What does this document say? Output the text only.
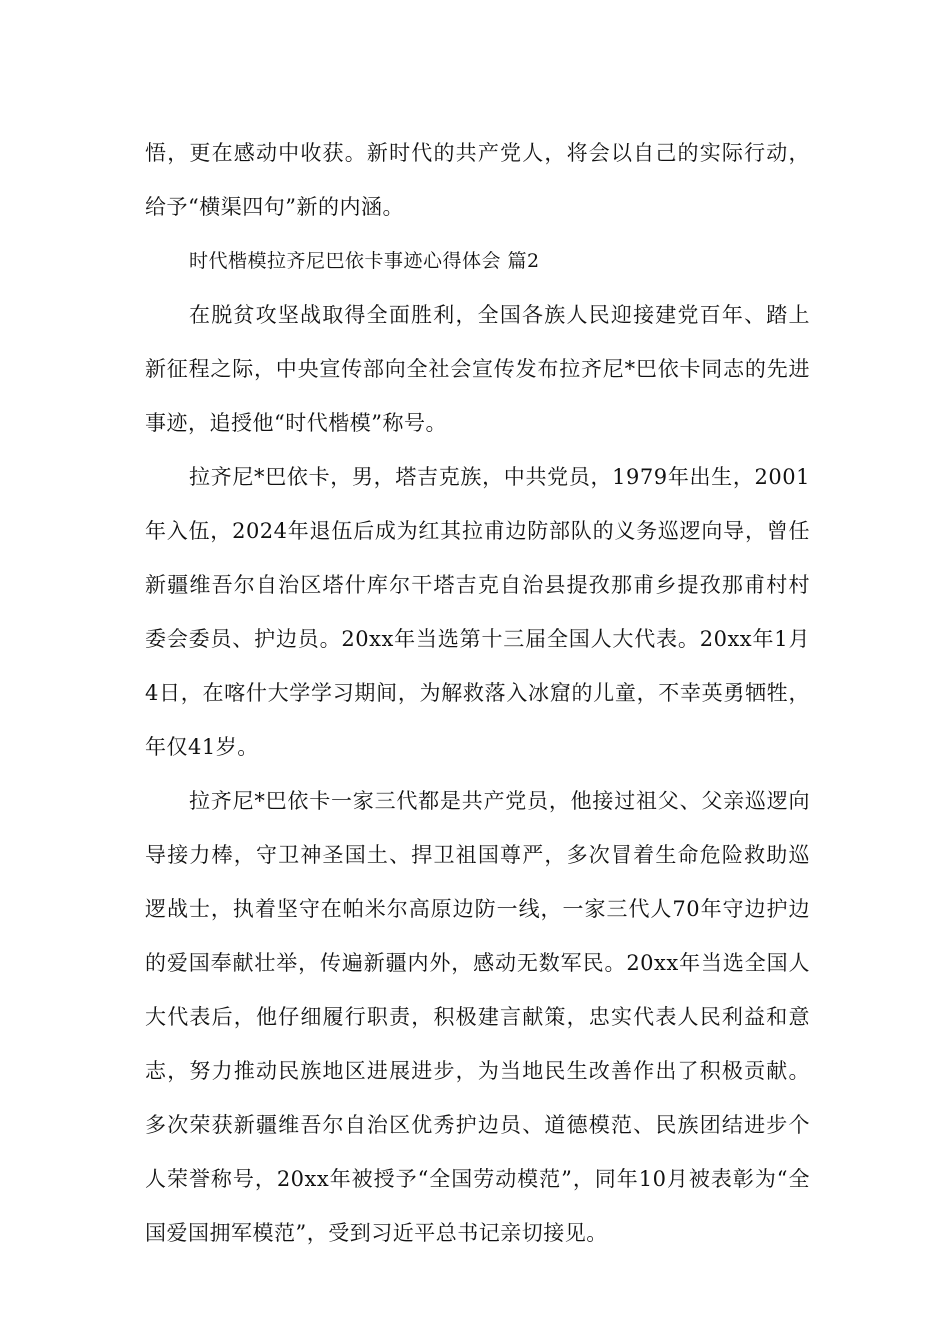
悟，更在感动中收获。新时代的共产党人，将会以自己的实际行动，给予“横渠四句”新的内涵。

时代楷模拉齐尼巴依卡事迹心得体会 篇2

在脱贫攻坚战取得全面胜利，全国各族人民迎接建党百年、踏上新征程之际，中央宣传部向全社会宣传发布拉齐尼*巴依卡同志的先进事迹，追授他“时代楷模”称号。

拉齐尼*巴依卡，男，塔吉克族，中共党员，1979年出生，2001年入伍，2024年退伍后成为红其拉甫边防部队的义务巡逻向导，曾任新疆维吾尔自治区塔什库尔干塔吉克自治县提孜那甫乡提孜那甫村村委会委员、护边员。20xx年当选第十三届全国人大代表。20xx年1月4日，在喀什大学学习期间，为解救落入冰窟的儿童，不幸英勇牺牲，年仅41岁。

拉齐尼*巴依卡一家三代都是共产党员，他接过祖父、父亲巡逻向导接力棒，守卫神圣国土、捍卫祖国尊严，多次冒着生命危险救助巡逻战士，执着坚守在帕米尔高原边防一线，一家三代人70年守边护边的爱国奉献壮举，传遍新疆内外，感动无数军民。20xx年当选全国人大代表后，他仔细履行职责，积极建言献策，忠实代表人民利益和意志，努力推动民族地区进展进步，为当地民生改善作出了积极贡献。多次荣获新疆维吾尔自治区优秀护边员、道德模范、民族团结进步个人荣誉称号，20xx年被授予“全国劳动模范”，同年10月被表彰为“全国爱国拥军模范”，受到习近平总书记亲切接见。
